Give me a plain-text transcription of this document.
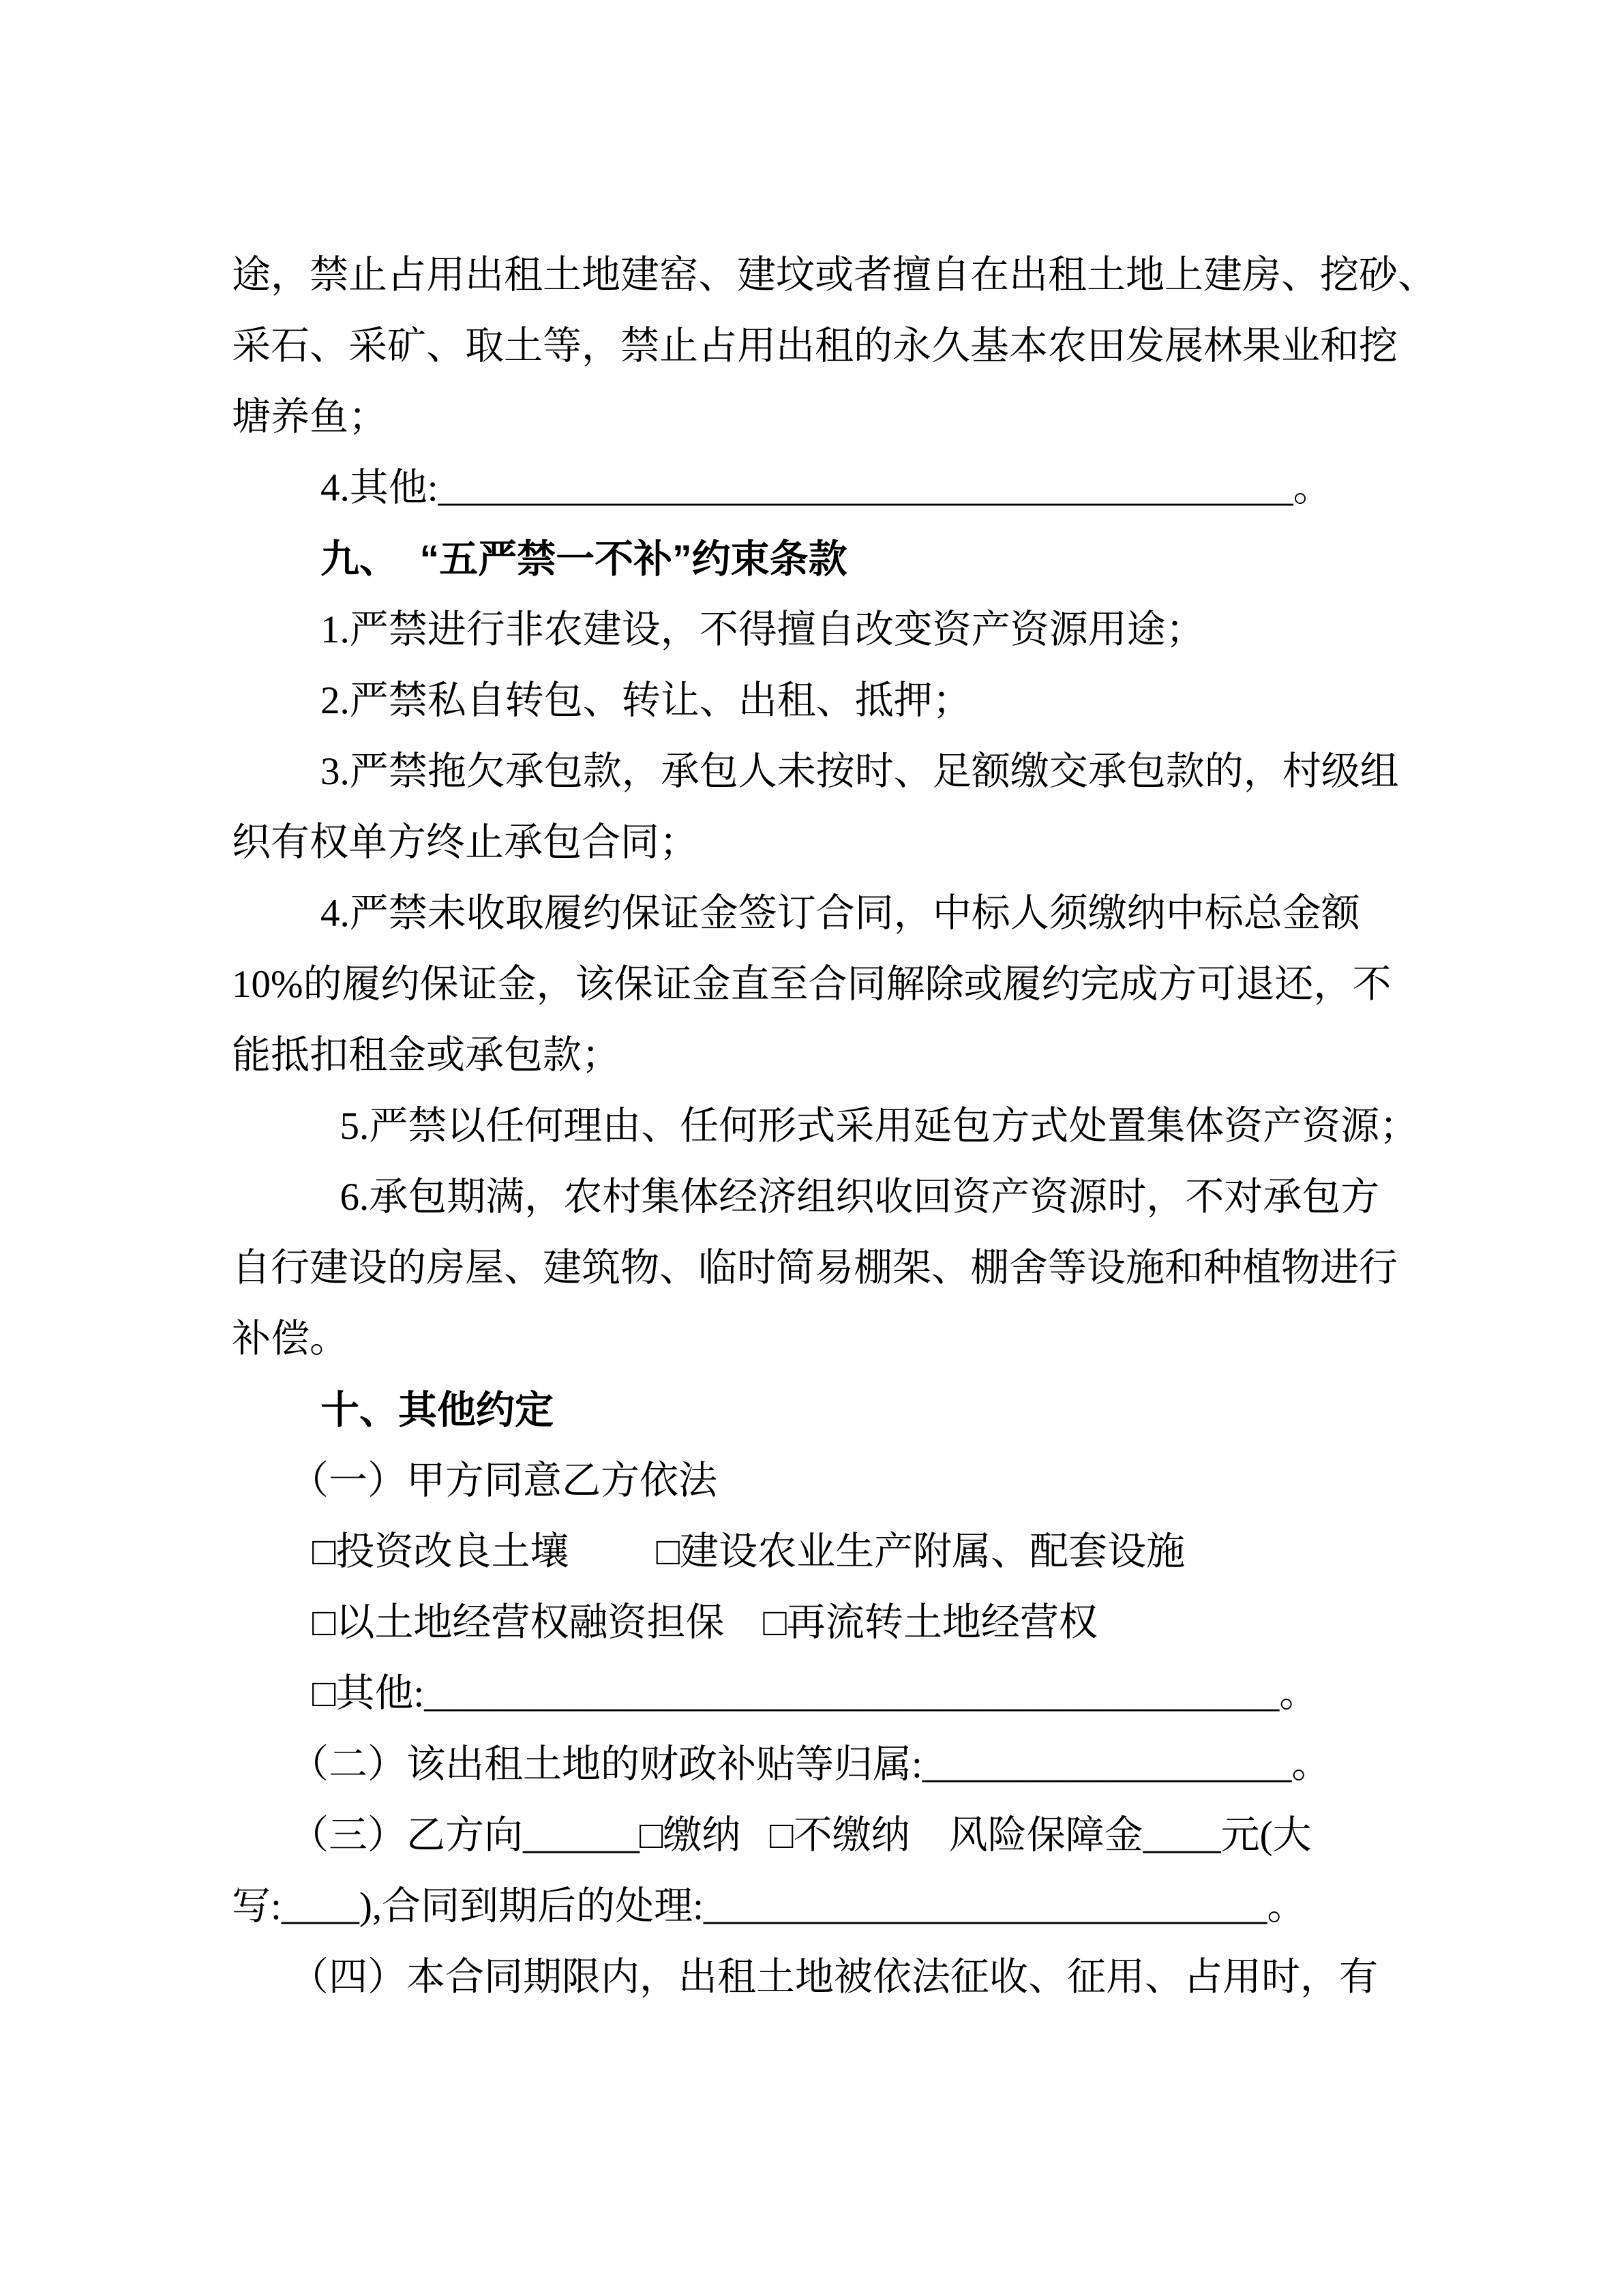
途，禁止占用出租土地建窑、建坟或者擅自在出租土地上建房、挖砂、
采石、采矿、取土等，禁止占用出租的永久基本农田发展林果业和挖
塘养鱼；
4.其他:____________________________________________。
九、  “五严禁一不补”约束条款
1.严禁进行非农建设，不得擅自改变资产资源用途；
2.严禁私自转包、转让、出租、抵押；
3.严禁拖欠承包款，承包人未按时、足额缴交承包款的，村级组
织有权单方终止承包合同；
4.严禁未收取履约保证金签订合同，中标人须缴纳中标总金额
10%的履约保证金，该保证金直至合同解除或履约完成方可退还，不
能抵扣租金或承包款；
5.严禁以任何理由、任何形式采用延包方式处置集体资产资源；
6.承包期满，农村集体经济组织收回资产资源时，不对承包方
自行建设的房屋、建筑物、临时简易棚架、棚舍等设施和种植物进行
补偿。
十、其他约定
（一）甲方同意乙方依法
□投资改良土壤         □建设农业生产附属、配套设施
□以土地经营权融资担保    □再流转土地经营权
□其他:____________________________________________。
（二）该出租土地的财政补贴等归属:___________________。
（三）乙方向______□缴纳   □不缴纳    风险保障金____元(大
写:____),合同到期后的处理:_____________________________。
（四）本合同期限内，出租土地被依法征收、征用、占用时，有
